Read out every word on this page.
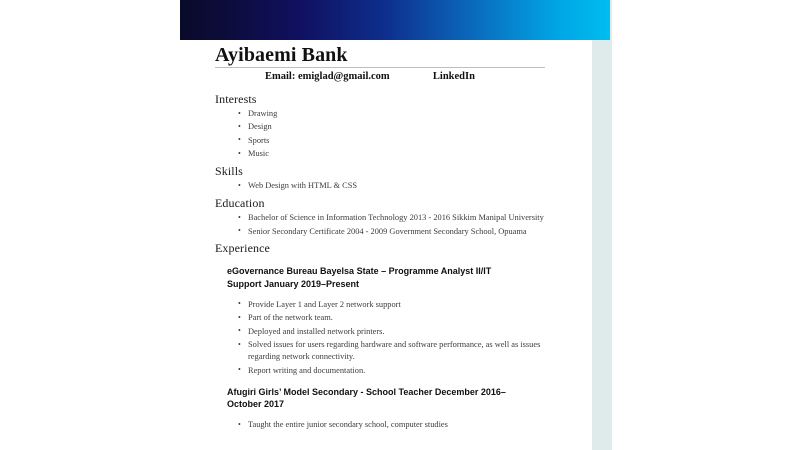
Ayibaemi Bank
Email: emiglad@gmail.com	LinkedIn
Interests
• Drawing
• Design
• Sports
• Music
Skills
• Web Design with HTML & CSS
Education
• Bachelor of Science in Information Technology 2013 - 2016 Sikkim Manipal University
• Senior Secondary Certificate 2004 - 2009 Government Secondary School, Opuama
Experience
eGovernance Bureau Bayelsa State – Programme Analyst II/IT Support January 2019–Present
• Provide Layer 1 and Layer 2 network support
• Part of the network team.
• Deployed and installed network printers.
• Solved issues for users regarding hardware and software performance, as well as issues regarding network connectivity.
• Report writing and documentation.
Afugiri Girls’ Model Secondary - School Teacher December 2016–October 2017
• Taught the entire junior secondary school, computer studies
